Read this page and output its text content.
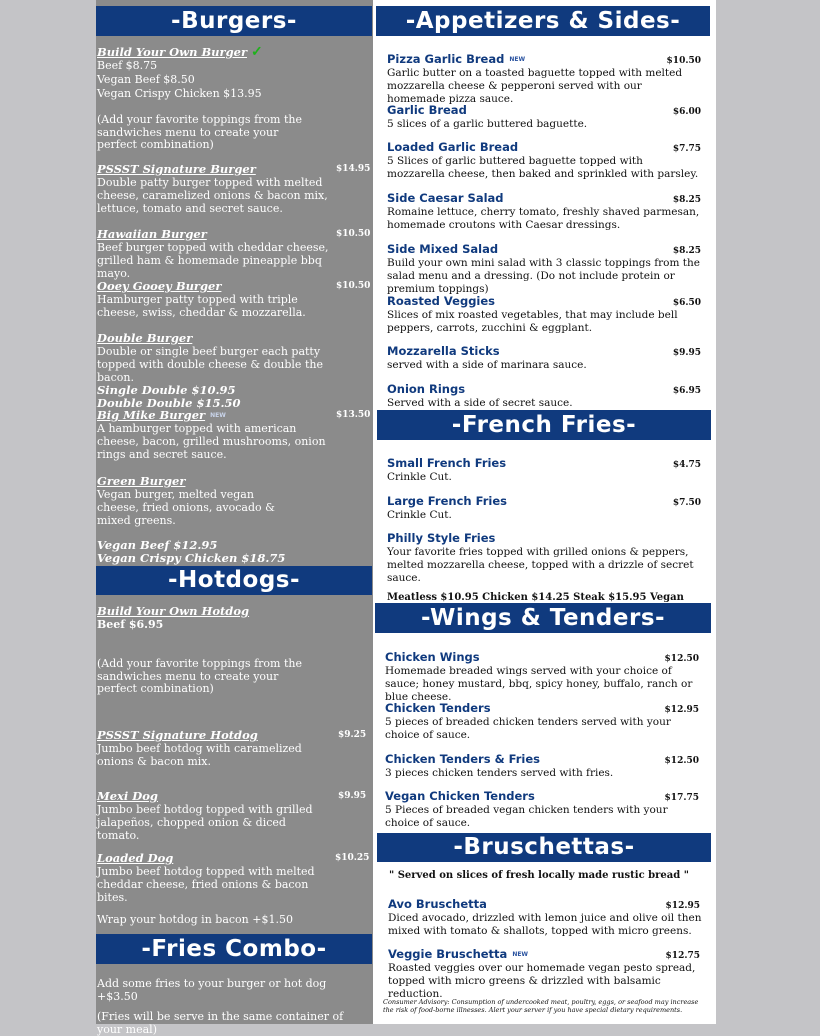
-Burgers-
Build Your Own Burger ✓
Beef $8.75
Vegan Beef $8.50
Vegan Crispy Chicken $13.95
(Add your favorite toppings from the sandwiches menu to create your perfect combination)
PSSST Signature Burger	$14.95
Double patty burger topped with melted cheese, caramelized onions & bacon mix, lettuce, tomato and secret sauce.
Hawaiian Burger	$10.50
Beef burger topped with cheddar cheese, grilled ham & homemade pineapple bbq mayo.
Ooey Gooey Burger	$10.50
Hamburger patty topped with triple cheese, swiss, cheddar & mozzarella.
Double Burger
Double or single beef burger each patty topped with double cheese & double the bacon.
Single Double $10.95
Double Double $15.50
Big Mike Burger $^{NEW}$	$13.50
A hamburger topped with american cheese, bacon, grilled mushrooms, onion rings and secret sauce.
Green Burger
Vegan burger, melted vegan cheese, fried onions, avocado & mixed greens.
Vegan Beef $12.95
Vegan Crispy Chicken $18.75
-Hotdogs-
Build Your Own Hotdog
Beef $6.95
(Add your favorite toppings from the sandwiches menu to create your perfect combination)
PSSST Signature Hotdog	$9.25
Jumbo beef hotdog with caramelized onions & bacon mix.
Mexi Dog	$9.95
Jumbo beef hotdog topped with grilled jalapeños, chopped onion & diced tomato.
Loaded Dog	$10.25
Jumbo beef hotdog topped with melted cheddar cheese, fried onions & bacon bites.
Wrap your hotdog in bacon +$1.50
-Fries Combo-
Add some fries to your burger or hot dog +$3.50
(Fries will be serve in the same container of your meal)
-Appetizers & Sides-
Pizza Garlic Bread $^{NEW}$	$10.50
Garlic butter on a toasted baguette topped with melted mozzarella cheese & pepperoni served with our homemade pizza sauce.
Garlic Bread	$6.00
5 slices of a garlic buttered baguette.
Loaded Garlic Bread	$7.75
5 Slices of garlic buttered baguette topped with mozzarella cheese, then baked and sprinkled with parsley.
Side Caesar Salad	$8.25
Romaine lettuce, cherry tomato, freshly shaved parmesan, homemade croutons with Caesar dressings.
Side Mixed Salad	$8.25
Build your own mini salad with 3 classic toppings from the salad menu and a dressing. (Do not include protein or premium toppings)
Roasted Veggies	$6.50
Slices of mix roasted vegetables, that may include bell peppers, carrots, zucchini & eggplant.
Mozzarella Sticks	$9.95
served with a side of marinara sauce.
Onion Rings	$6.95
Served with a side of secret sauce.
-French Fries-
Small French Fries	$4.75
Crinkle Cut.
Large French Fries	$7.50
Crinkle Cut.
Philly Style Fries
Your favorite fries topped with grilled onions & peppers, melted mozzarella cheese, topped with a drizzle of secret sauce.
Meatless $10.95 Chicken $14.25 Steak $15.95 Vegan
-Wings & Tenders-
Chicken Wings	$12.50
Homemade breaded wings served with your choice of sauce; honey mustard, bbq, spicy honey, buffalo, ranch or blue cheese.
Chicken Tenders	$12.95
5 pieces of breaded chicken tenders served with your choice of sauce.
Chicken Tenders & Fries	$12.50
3 pieces chicken tenders served with fries.
Vegan Chicken Tenders	$17.75
5 Pieces of breaded vegan chicken tenders with your choice of sauce.
-Bruschettas-
" Served on slices of fresh locally made rustic bread "
Avo Bruschetta	$12.95
Diced avocado, drizzled with lemon juice and olive oil then mixed with tomato & shallots, topped with micro greens.
Veggie Bruschetta $^{NEW}$	$12.75
Roasted veggies over our homemade vegan pesto spread, topped with micro greens & drizzled with balsamic reduction.
Consumer Advisory: Consumption of undercooked meat, poultry, eggs, or seafood may increase the risk of food-borne illnesses. Alert your server if you have special dietary requirements.
